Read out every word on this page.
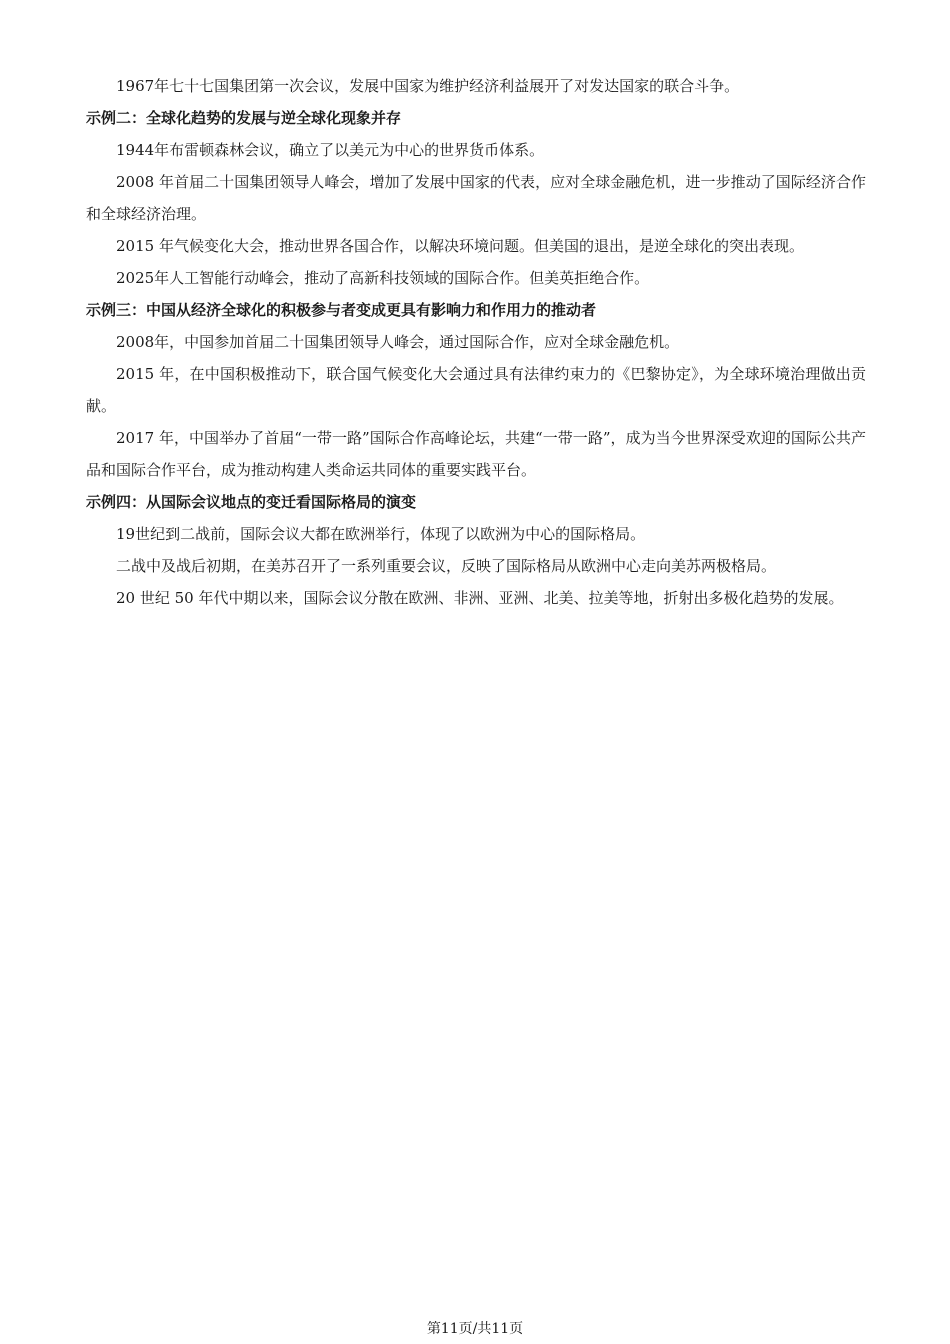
1967年七十七国集团第一次会议，发展中国家为维护经济利益展开了对发达国家的联合斗争。

示例二：全球化趋势的发展与逆全球化现象并存

1944年布雷顿森林会议，确立了以美元为中心的世界货币体系。

2008 年首届二十国集团领导人峰会，增加了发展中国家的代表，应对全球金融危机，进一步推动了国际经济合作和全球经济治理。

2015 年气候变化大会，推动世界各国合作，以解决环境问题。但美国的退出，是逆全球化的突出表现。

2025年人工智能行动峰会，推动了高新科技领域的国际合作。但美英拒绝合作。

示例三：中国从经济全球化的积极参与者变成更具有影响力和作用力的推动者

2008年，中国参加首届二十国集团领导人峰会，通过国际合作，应对全球金融危机。

2015 年，在中国积极推动下，联合国气候变化大会通过具有法律约束力的《巴黎协定》，为全球环境治理做出贡献。

2017 年，中国举办了首届“一带一路”国际合作高峰论坛，共建“一带一路”，成为当今世界深受欢迎的国际公共产品和国际合作平台，成为推动构建人类命运共同体的重要实践平台。

示例四：从国际会议地点的变迁看国际格局的演变

19世纪到二战前，国际会议大都在欧洲举行，体现了以欧洲为中心的国际格局。

二战中及战后初期，在美苏召开了一系列重要会议，反映了国际格局从欧洲中心走向美苏两极格局。

20 世纪 50 年代中期以来，国际会议分散在欧洲、非洲、亚洲、北美、拉美等地，折射出多极化趋势的发展。

第11页/共11页
